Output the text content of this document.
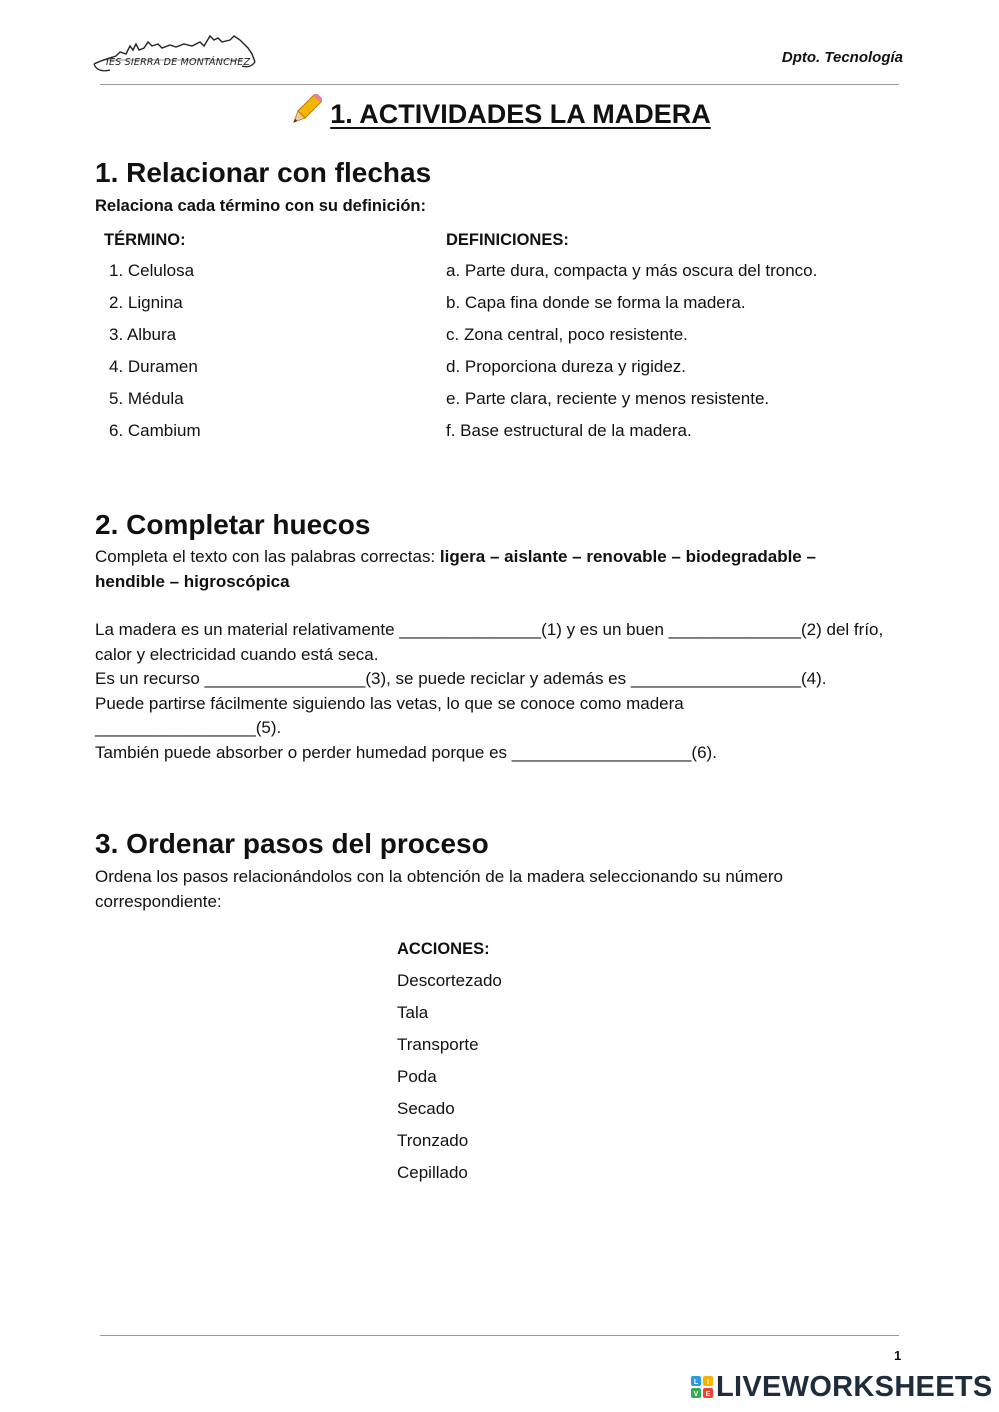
IES SIERRA DE MONTÁNCHEZ	Dpto. Tecnología
1. ACTIVIDADES LA MADERA
1. Relacionar con flechas
Relaciona cada término con su definición:
TÉRMINO:	DEFINICIONES:
1. Celulosa
2. Lignina
3. Albura
4. Duramen
5. Médula
6. Cambium
a. Parte dura, compacta y más oscura del tronco.
b. Capa fina donde se forma la madera.
c. Zona central, poco resistente.
d. Proporciona dureza y rigidez.
e. Parte clara, reciente y menos resistente.
f. Base estructural de la madera.
2. Completar huecos
Completa el texto con las palabras correctas: ligera – aislante – renovable – biodegradable – hendible – higroscópica

La madera es un material relativamente _______________(1) y es un buen ______________(2) del frío, calor y electricidad cuando está seca.

Es un recurso _________________(3), se puede reciclar y además es __________________(4).

Puede partirse fácilmente siguiendo las vetas, lo que se conoce como madera _________________(5).

También puede absorber o perder humedad porque es ___________________(6).

3. Ordenar pasos del proceso
Ordena los pasos relacionándolos con la obtención de la madera seleccionando su número correspondiente:
ACCIONES:
Descortezado
Tala
Transporte
Poda
Secado
Tronzado
Cepillado
1
L I
V E LIVEWORKSHEETS
